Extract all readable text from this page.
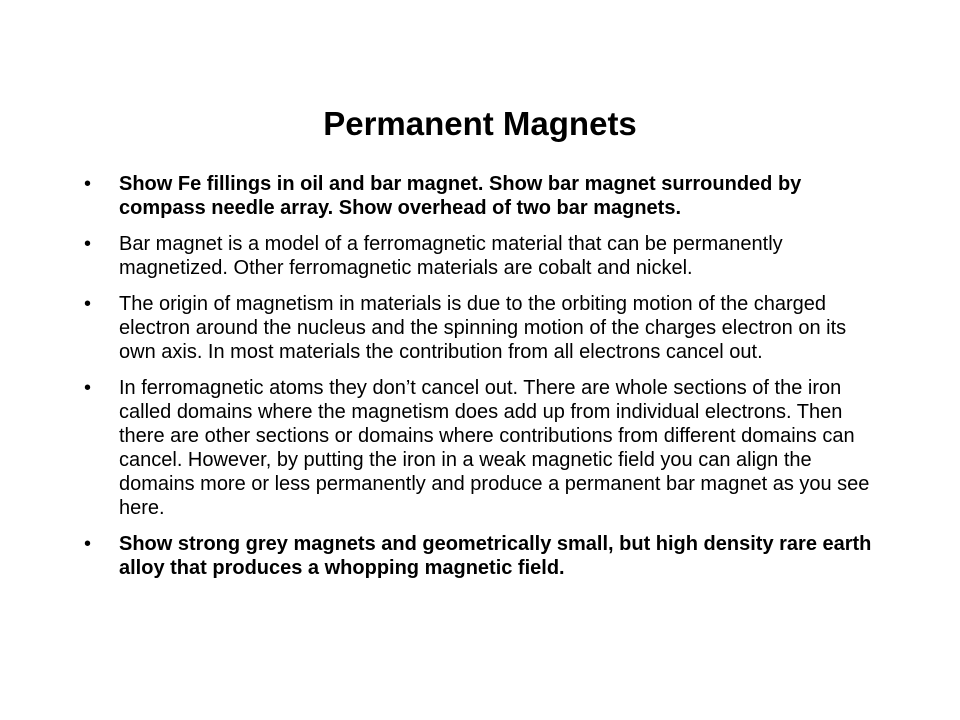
Permanent Magnets
• Show Fe fillings in oil and bar magnet. Show bar magnet surrounded by compass needle array. Show overhead of two bar magnets.
• Bar magnet is a model of a ferromagnetic material that can be permanently magnetized. Other ferromagnetic materials are cobalt and nickel.
• The origin of magnetism in materials is due to the orbiting motion of the charged electron around the nucleus and the spinning motion of the charges electron on its own axis. In most materials the contribution from all electrons cancel out.
• In ferromagnetic atoms they don’t cancel out. There are whole sections of the iron called domains where the magnetism does add up from individual electrons. Then there are other sections or domains where contributions from different domains can cancel. However, by putting the iron in a weak magnetic field you can align the domains more or less permanently and produce a permanent bar magnet as you see here.
• Show strong grey magnets and geometrically small, but high density rare earth alloy that produces a whopping magnetic field.
